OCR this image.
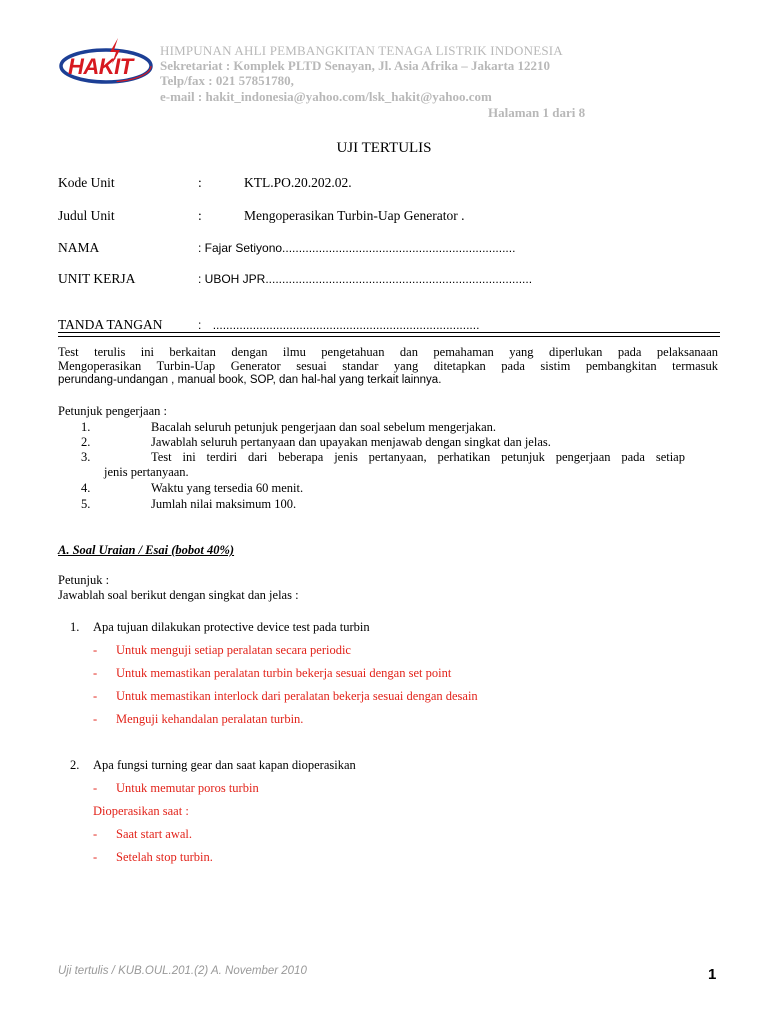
HAKIT
HIMPUNAN AHLI PEMBANGKITAN TENAGA LISTRIK INDONESIA
Sekretariat : Komplek PLTD Senayan, Jl. Asia Afrika – Jakarta 12210
Telp/fax : 021 57851780,
e-mail : hakit_indonesia@yahoo.com/lsk_hakit@yahoo.com
Halaman 1 dari 8
UJI TERTULIS
Kode Unit	:	KTL.PO.20.202.02.
Judul Unit	:	Mengoperasikan Turbin-Uap Generator .
NAMA	: Fajar Setiyono......................................................................
UNIT KERJA	: UBOH JPR................................................................................
TANDA TANGAN	: ................................................................................
Test terulis ini berkaitan dengan ilmu pengetahuan dan pemahaman yang diperlukan pada pelaksanaan
Mengoperasikan Turbin-Uap Generator sesuai standar yang ditetapkan pada sistim pembangkitan termasuk
perundang-undangan , manual book, SOP, dan hal-hal yang terkait lainnya.
Petunjuk pengerjaan :
1.	Bacalah seluruh petunjuk pengerjaan dan soal sebelum mengerjakan.
2.	Jawablah seluruh pertanyaan dan upayakan menjawab dengan singkat dan jelas.
3.	Test ini terdiri dari beberapa jenis pertanyaan, perhatikan petunjuk pengerjaan pada setiap
jenis pertanyaan.
4.	Waktu yang tersedia 60 menit.
5.	Jumlah nilai maksimum 100.
A. Soal Uraian / Esai (bobot 40%)
Petunjuk :
Jawablah soal berikut dengan singkat dan jelas :
1. Apa tujuan dilakukan protective device test pada turbin
- Untuk menguji setiap peralatan secara periodic
- Untuk memastikan peralatan turbin bekerja sesuai dengan set point
- Untuk memastikan interlock dari peralatan bekerja sesuai dengan desain
- Menguji kehandalan peralatan turbin.
2. Apa fungsi turning gear dan saat kapan dioperasikan
- Untuk memutar poros turbin
Dioperasikan saat :
- Saat start awal.
- Setelah stop turbin.
Uji tertulis / KUB.OUL.201.(2) A. November 2010	1
